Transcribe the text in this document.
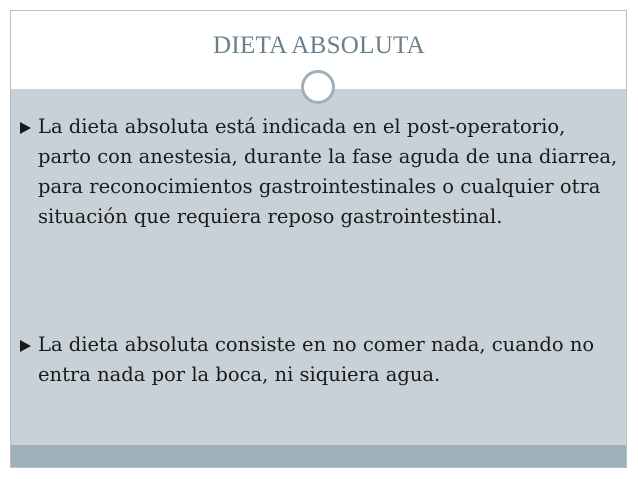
DIETA ABSOLUTA
La dieta absoluta está indicada en el post-operatorio, parto con anestesia, durante la fase aguda de una diarrea, para reconocimientos gastrointestinales o cualquier otra situación que requiera reposo gastrointestinal.
La dieta absoluta consiste en no comer nada, cuando no entra nada por la boca, ni siquiera agua.
